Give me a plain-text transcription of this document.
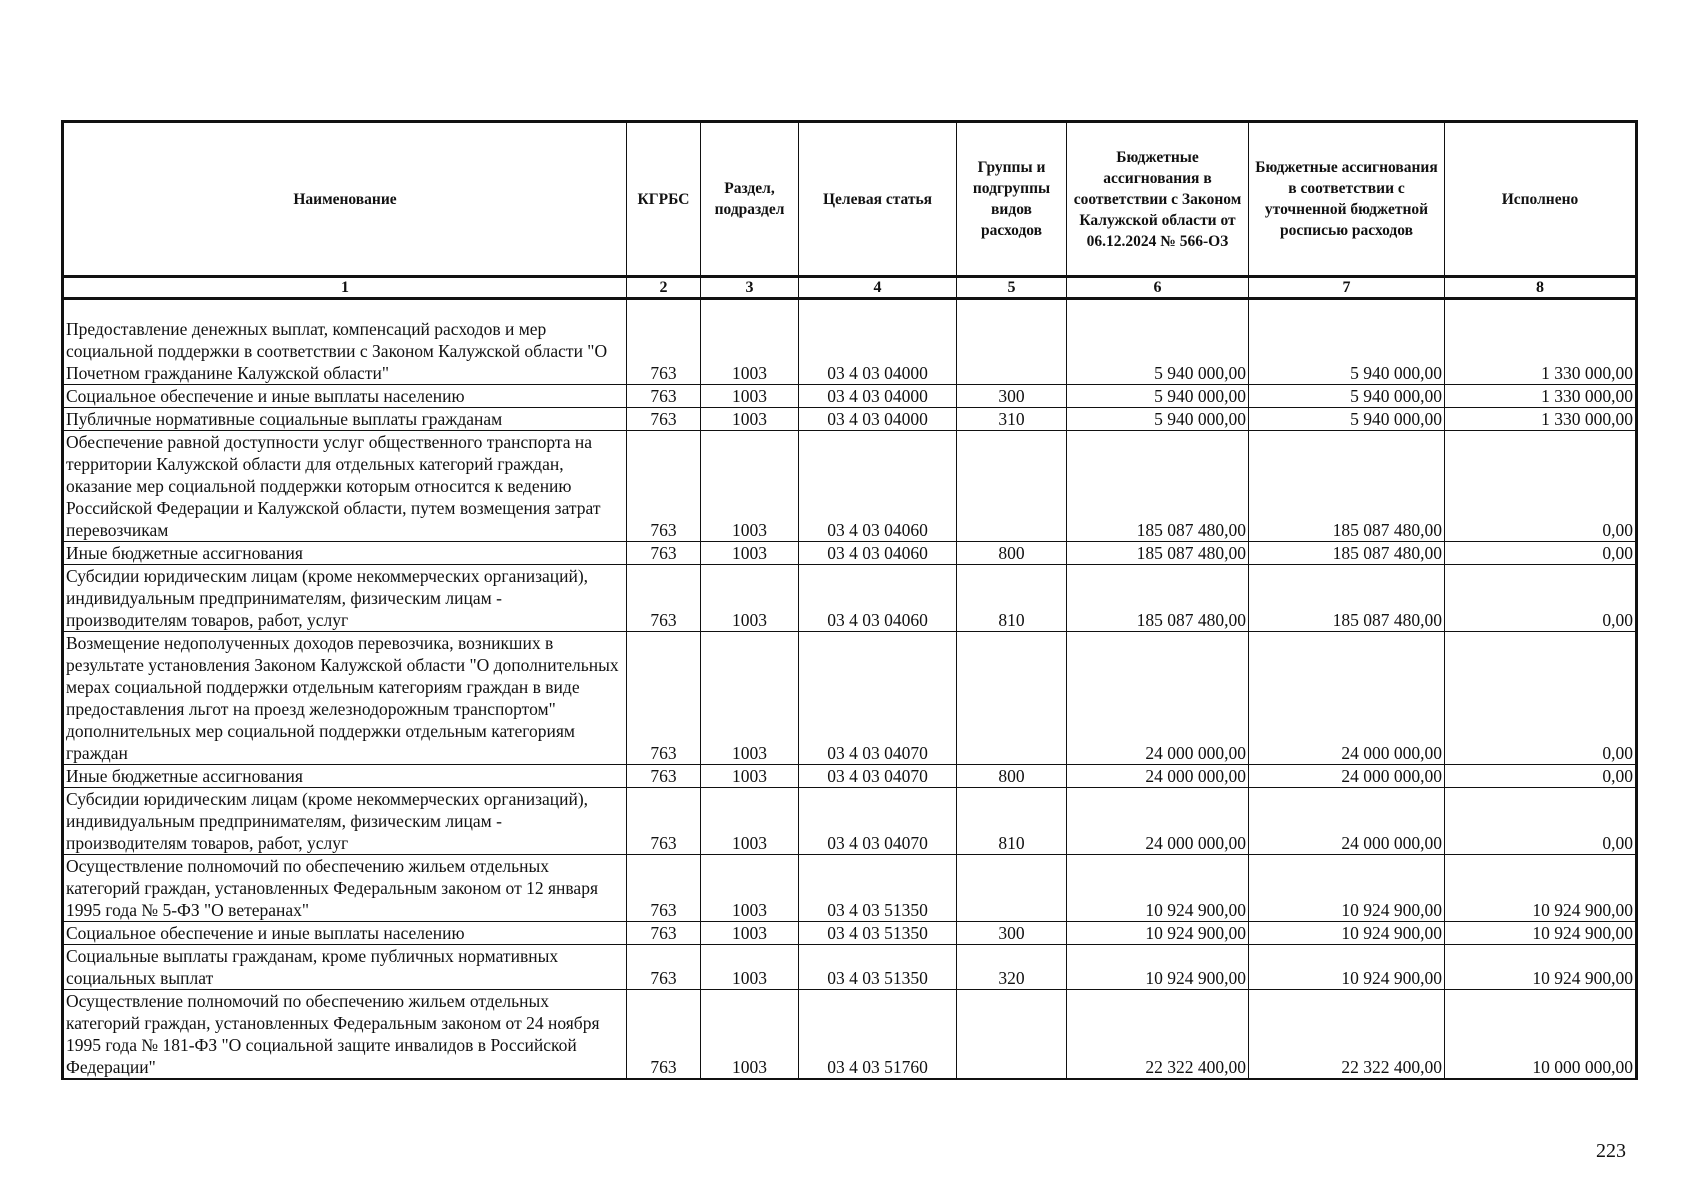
Наименование	КГРБС	Раздел, подраздел	Целевая статья	Группы и подгруппы видов расходов	Бюджетные ассигнования в соответствии с Законом Калужской области от 06.12.2024 № 566-ОЗ	Бюджетные ассигнования в соответствии с уточненной бюджетной росписью расходов	Исполнено
1	2	3	4	5	6	7	8

Предоставление денежных выплат, компенсаций расходов и мер социальной поддержки в соответствии с Законом Калужской области "О Почетном гражданине Калужской области"	763	1003	03 4 03 04000		5 940 000,00	5 940 000,00	1 330 000,00
Социальное обеспечение и иные выплаты населению	763	1003	03 4 03 04000	300	5 940 000,00	5 940 000,00	1 330 000,00
Публичные нормативные социальные выплаты гражданам	763	1003	03 4 03 04000	310	5 940 000,00	5 940 000,00	1 330 000,00
Обеспечение равной доступности услуг общественного транспорта на территории Калужской области для отдельных категорий граждан, оказание мер социальной поддержки которым относится к ведению Российской Федерации и Калужской области, путем возмещения затрат перевозчикам	763	1003	03 4 03 04060		185 087 480,00	185 087 480,00	0,00
Иные бюджетные ассигнования	763	1003	03 4 03 04060	800	185 087 480,00	185 087 480,00	0,00
Субсидии юридическим лицам (кроме некоммерческих организаций), индивидуальным предпринимателям, физическим лицам - производителям товаров, работ, услуг	763	1003	03 4 03 04060	810	185 087 480,00	185 087 480,00	0,00
Возмещение недополученных доходов перевозчика, возникших в результате установления Законом Калужской области "О дополнительных мерах социальной поддержки отдельным категориям граждан в виде предоставления льгот на проезд железнодорожным транспортом" дополнительных мер социальной поддержки отдельным категориям граждан	763	1003	03 4 03 04070		24 000 000,00	24 000 000,00	0,00
Иные бюджетные ассигнования	763	1003	03 4 03 04070	800	24 000 000,00	24 000 000,00	0,00
Субсидии юридическим лицам (кроме некоммерческих организаций), индивидуальным предпринимателям, физическим лицам - производителям товаров, работ, услуг	763	1003	03 4 03 04070	810	24 000 000,00	24 000 000,00	0,00
Осуществление полномочий по обеспечению жильем отдельных категорий граждан, установленных Федеральным законом от 12 января 1995 года № 5-ФЗ "О ветеранах"	763	1003	03 4 03 51350		10 924 900,00	10 924 900,00	10 924 900,00
Социальное обеспечение и иные выплаты населению	763	1003	03 4 03 51350	300	10 924 900,00	10 924 900,00	10 924 900,00
Социальные выплаты гражданам, кроме публичных нормативных социальных выплат	763	1003	03 4 03 51350	320	10 924 900,00	10 924 900,00	10 924 900,00
Осуществление полномочий по обеспечению жильем отдельных категорий граждан, установленных Федеральным законом от 24 ноября 1995 года № 181-ФЗ "О социальной защите инвалидов в Российской Федерации"	763	1003	03 4 03 51760		22 322 400,00	22 322 400,00	10 000 000,00
223
